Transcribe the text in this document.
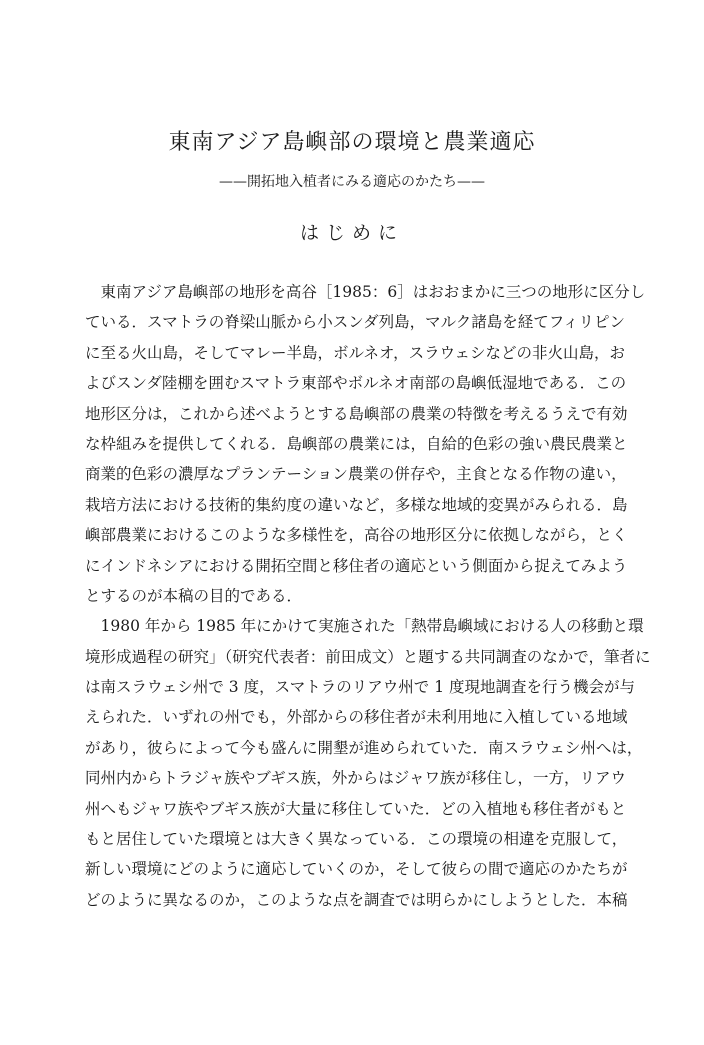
東南アジア島嶼部の環境と農業適応
——開拓地入植者にみる適応のかたち——
はじめに
　東南アジア島嶼部の地形を高谷［1985：6］はおおまかに三つの地形に区分し
ている．スマトラの脊梁山脈から小スンダ列島，マルク諸島を経てフィリピン
に至る火山島，そしてマレー半島，ボルネオ，スラウェシなどの非火山島，お
よびスンダ陸棚を囲むスマトラ東部やボルネオ南部の島嶼低湿地である．この
地形区分は，これから述べようとする島嶼部の農業の特徴を考えるうえで有効
な枠組みを提供してくれる．島嶼部の農業には，自給的色彩の強い農民農業と
商業的色彩の濃厚なプランテーション農業の併存や，主食となる作物の違い，
栽培方法における技術的集約度の違いなど，多様な地域的変異がみられる．島
嶼部農業におけるこのような多様性を，高谷の地形区分に依拠しながら，とく
にインドネシアにおける開拓空間と移住者の適応という側面から捉えてみよう
とするのが本稿の目的である．
　1980 年から 1985 年にかけて実施された「熱帯島嶼域における人の移動と環
境形成過程の研究」（研究代表者：前田成文）と題する共同調査のなかで，筆者に
は南スラウェシ州で 3 度，スマトラのリアウ州で 1 度現地調査を行う機会が与
えられた．いずれの州でも，外部からの移住者が未利用地に入植している地域
があり，彼らによって今も盛んに開墾が進められていた．南スラウェシ州へは，
同州内からトラジャ族やブギス族，外からはジャワ族が移住し，一方，リアウ
州へもジャワ族やブギス族が大量に移住していた．どの入植地も移住者がもと
もと居住していた環境とは大きく異なっている．この環境の相違を克服して，
新しい環境にどのように適応していくのか，そして彼らの間で適応のかたちが
どのように異なるのか，このような点を調査では明らかにしようとした．本稿
